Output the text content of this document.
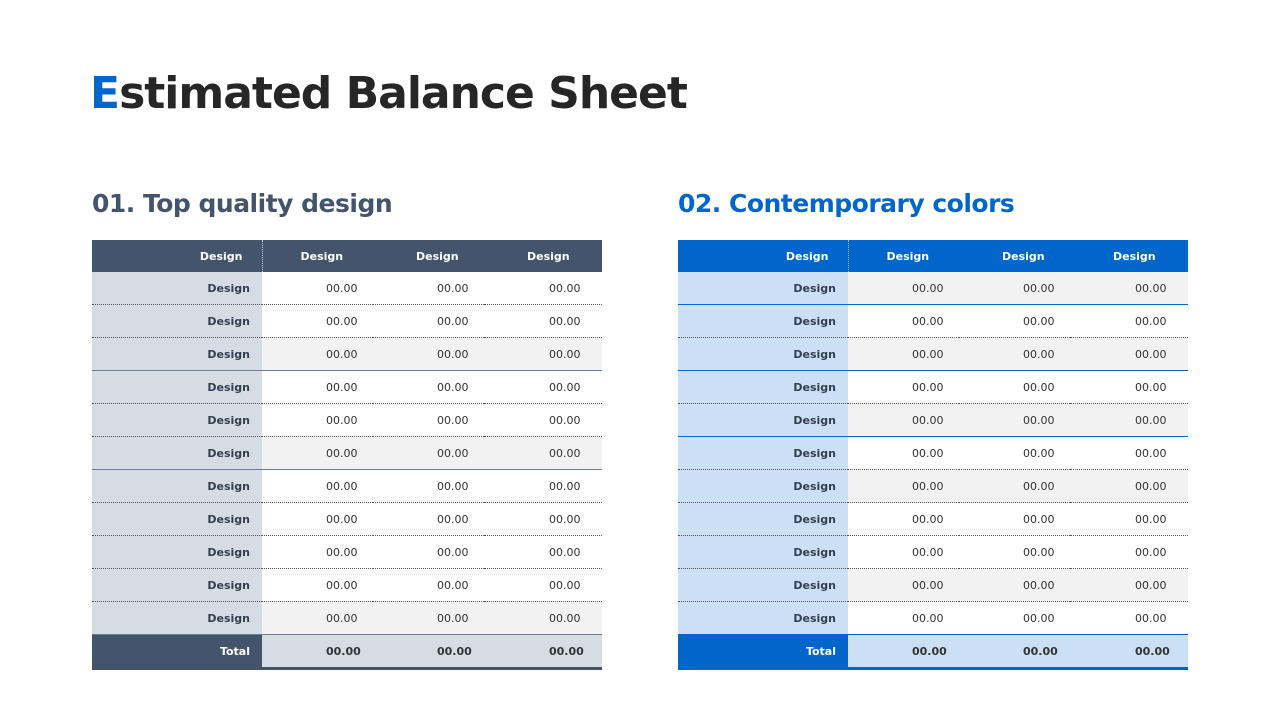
Estimated Balance Sheet
01. Top quality design	02. Contemporary colors
Design	Design	Design	Design
Design	00.00	00.00	00.00
Design	00.00	00.00	00.00
Design	00.00	00.00	00.00
Design	00.00	00.00	00.00
Design	00.00	00.00	00.00
Design	00.00	00.00	00.00
Design	00.00	00.00	00.00
Design	00.00	00.00	00.00
Design	00.00	00.00	00.00
Design	00.00	00.00	00.00
Design	00.00	00.00	00.00
Total	00.00	00.00	00.00
Design	Design	Design	Design
Design	00.00	00.00	00.00
Design	00.00	00.00	00.00
Design	00.00	00.00	00.00
Design	00.00	00.00	00.00
Design	00.00	00.00	00.00
Design	00.00	00.00	00.00
Design	00.00	00.00	00.00
Design	00.00	00.00	00.00
Design	00.00	00.00	00.00
Design	00.00	00.00	00.00
Design	00.00	00.00	00.00
Total	00.00	00.00	00.00
